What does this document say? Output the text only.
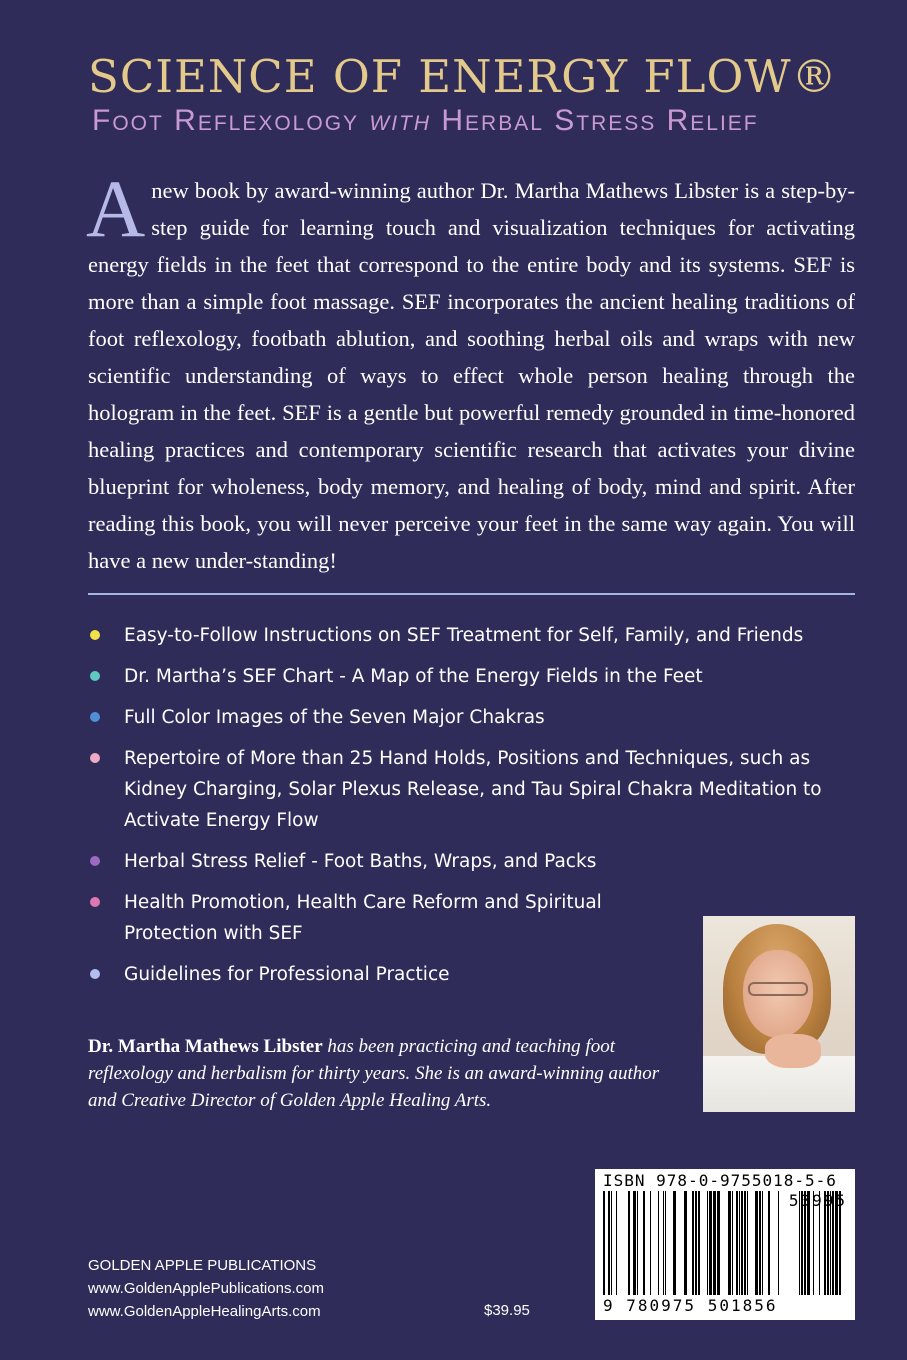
SCIENCE OF ENERGY FLOW®
Foot Reflexology with Herbal Stress Relief
A new book by award-winning author Dr. Martha Mathews Libster is a step-by-step guide for learning touch and visualization techniques for activating energy fields in the feet that correspond to the entire body and its systems. SEF is more than a simple foot massage. SEF incorporates the ancient healing traditions of foot reflexology, footbath ablution, and soothing herbal oils and wraps with new scientific understanding of ways to effect whole person healing through the hologram in the feet. SEF is a gentle but powerful remedy grounded in time-honored healing practices and contemporary scientific research that activates your divine blueprint for wholeness, body memory, and healing of body, mind and spirit. After reading this book, you will never perceive your feet in the same way again. You will have a new under-standing!
Easy-to-Follow Instructions on SEF Treatment for Self, Family, and Friends
Dr. Martha’s SEF Chart - A Map of the Energy Fields in the Feet
Full Color Images of the Seven Major Chakras
Repertoire of More than 25 Hand Holds, Positions and Techniques, such as Kidney Charging, Solar Plexus Release, and Tau Spiral Chakra Meditation to Activate Energy Flow
Herbal Stress Relief - Foot Baths, Wraps, and Packs
Health Promotion, Health Care Reform and Spiritual Protection with SEF
Guidelines for Professional Practice
Dr. Martha Mathews Libster has been practicing and teaching foot reflexology and herbalism for thirty years. She is an award-winning author and Creative Director of Golden Apple Healing Arts.
ISBN 978-0-9755018-5-6
53995
9 780975 501856
GOLDEN APPLE PUBLICATIONS
www.GoldenApplePublications.com
www.GoldenAppleHealingArts.com	$39.95
